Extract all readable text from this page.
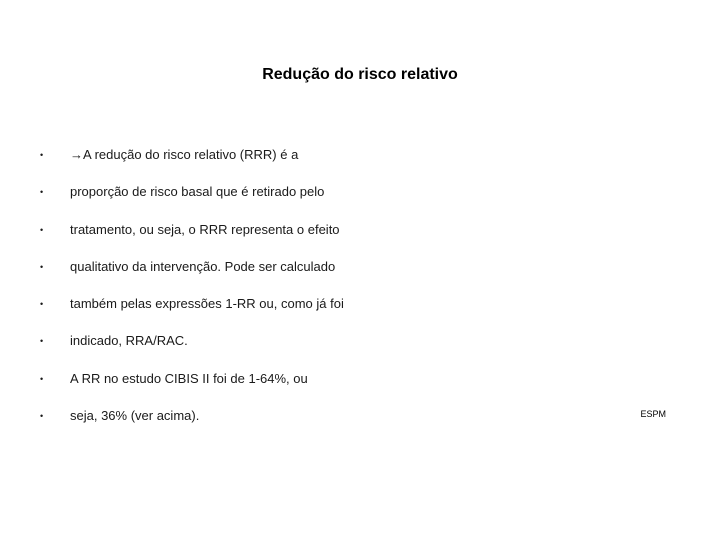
Redução do risco relativo
•	→A redução do risco relativo (RRR) é a
•	proporção de risco basal que é retirado pelo
•	tratamento, ou seja, o RRR representa o efeito
•	qualitativo da intervenção. Pode ser calculado
•	também pelas expressões 1-RR ou, como já foi
•	indicado, RRA/RAC.
•	A RR no estudo CIBIS II foi de 1-64%, ou
•	seja, 36% (ver acima).	ESPM
